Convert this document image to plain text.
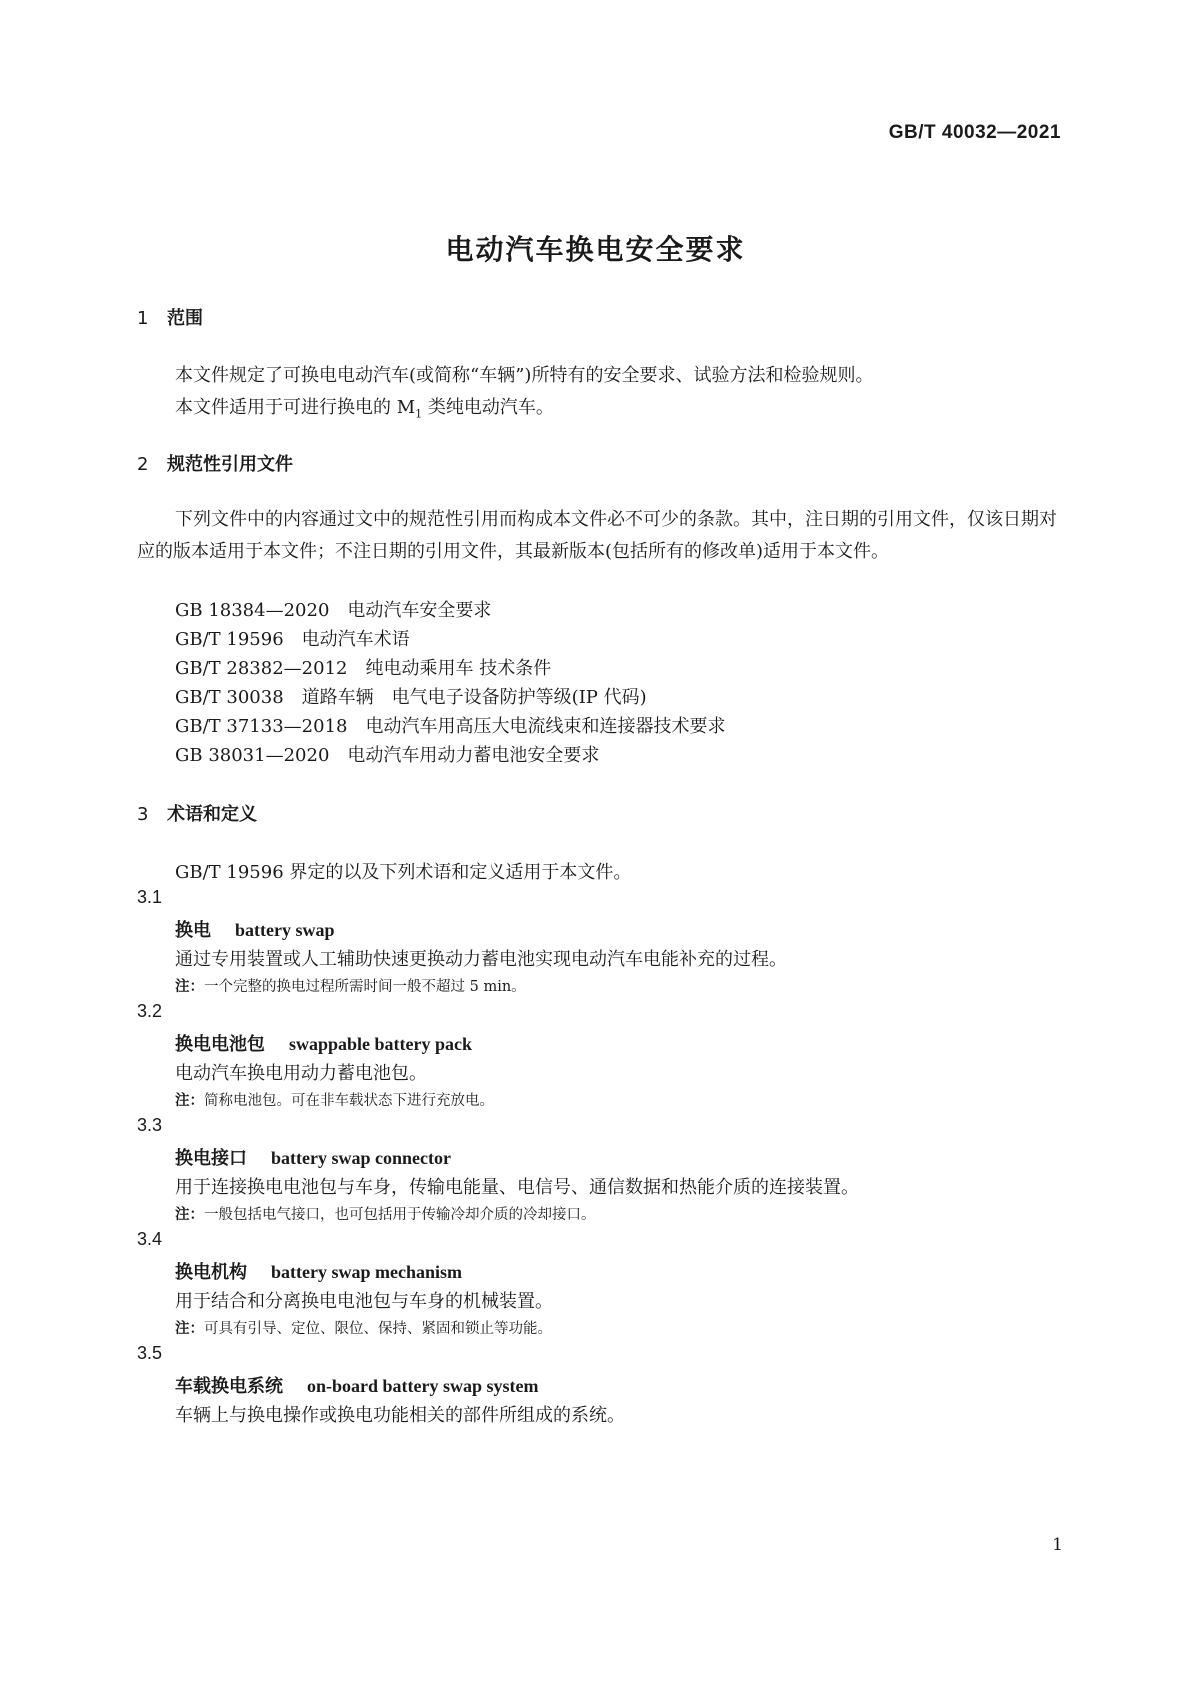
GB/T 40032—2021
电动汽车换电安全要求
1 范围

本文件规定了可换电电动汽车(或简称“车辆”)所特有的安全要求、试验方法和检验规则。

本文件适用于可进行换电的 $M_1$ 类纯电动汽车。

2 规范性引用文件

下列文件中的内容通过文中的规范性引用而构成本文件必不可少的条款。其中，注日期的引用文件，仅该日期对应的版本适用于本文件；不注日期的引用文件，其最新版本(包括所有的修改单)适用于本文件。

GB 18384—2020　 电动汽车安全要求
GB/T 19596　 电动汽车术语
GB/T 28382—2012　 纯电动乘用车 技术条件
GB/T 30038　 道路车辆　电气电子设备防护等级(IP 代码)
GB/T 37133—2018　 电动汽车用高压大电流线束和连接器技术要求
GB 38031—2020　 电动汽车用动力蓄电池安全要求
3 术语和定义
GB/T 19596 界定的以及下列术语和定义适用于本文件。
3.1
换电 battery swap
通过专用装置或人工辅助快速更换动力蓄电池实现电动汽车电能补充的过程。
注：一个完整的换电过程所需时间一般不超过 5 min。
3.2
换电电池包 swappable battery pack
电动汽车换电用动力蓄电池包。
注：简称电池包。可在非车载状态下进行充放电。
3.3
换电接口 battery swap connector
用于连接换电电池包与车身，传输电能量、电信号、通信数据和热能介质的连接装置。
注：一般包括电气接口，也可包括用于传输冷却介质的冷却接口。
3.4
换电机构 battery swap mechanism
用于结合和分离换电电池包与车身的机械装置。
注：可具有引导、定位、限位、保持、紧固和锁止等功能。
3.5
车载换电系统 on-board battery swap system
车辆上与换电操作或换电功能相关的部件所组成的系统。
1
